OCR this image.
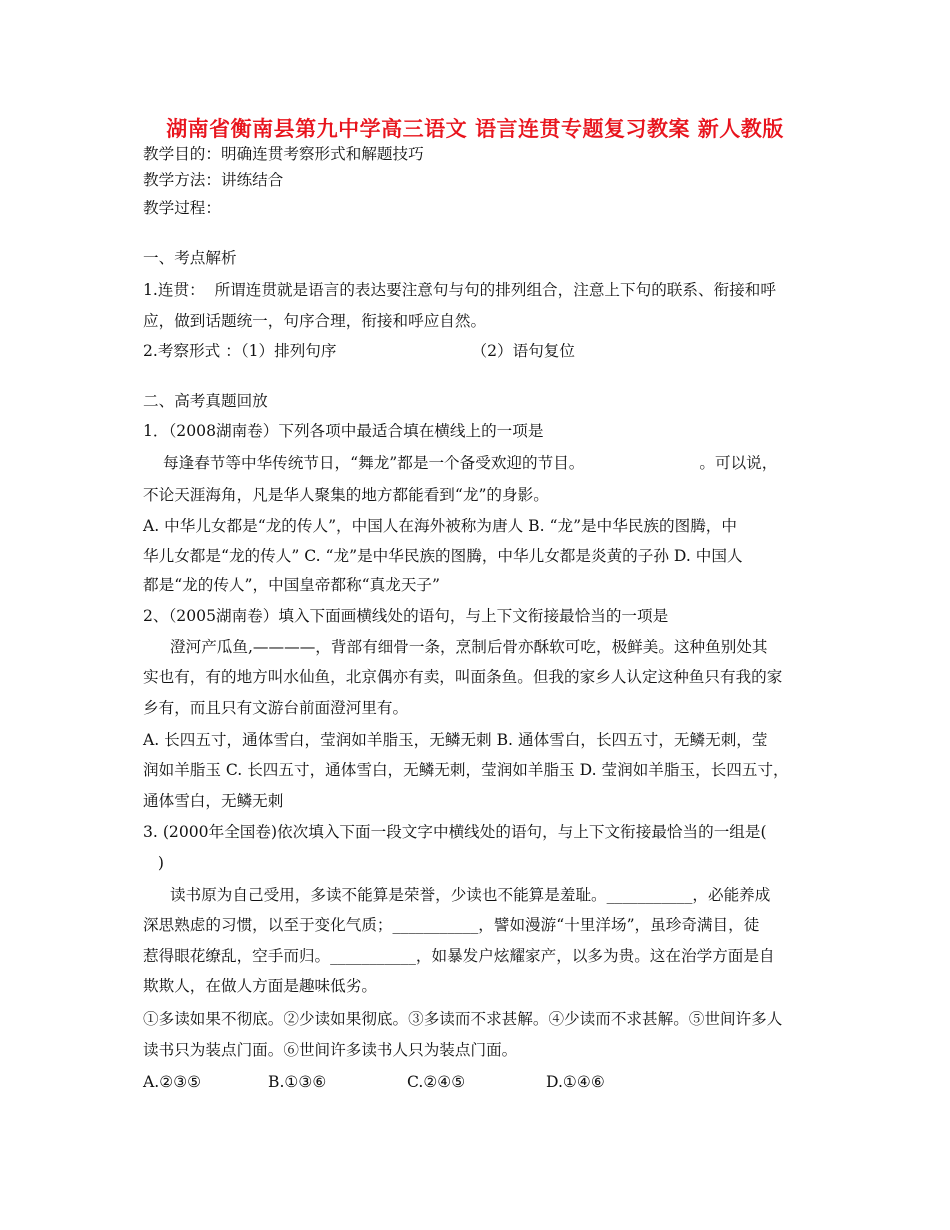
湖南省衡南县第九中学高三语文 语言连贯专题复习教案 新人教版
教学目的：明确连贯考察形式和解题技巧
教学方法：讲练结合
教学过程：
一、考点解析
1.连贯：  所谓连贯就是语言的表达要注意句与句的排列组合，注意上下句的联系、衔接和呼
应，做到话题统一，句序合理，衔接和呼应自然。
2.考察形式 ：（1）排列句序	（2）语句复位
二、高考真题回放
1．（2008湖南卷）下列各项中最适合填在横线上的一项是
每逢春节等中华传统节日，“舞龙”都是一个备受欢迎的节目。	。可以说，
不论天涯海角，凡是华人聚集的地方都能看到“龙”的身影。
A. 中华儿女都是“龙的传人”，中国人在海外被称为唐人 B. “龙”是中华民族的图腾，中
华儿女都是“龙的传人” C. “龙”是中华民族的图腾，中华儿女都是炎黄的子孙 D. 中国人
都是“龙的传人”，中国皇帝都称“真龙天子”
2、（2005湖南卷）填入下面画横线处的语句，与上下文衔接最恰当的一项是
澄河产瓜鱼,————，背部有细骨一条，烹制后骨亦酥软可吃，极鲜美。这种鱼别处其
实也有，有的地方叫水仙鱼，北京偶亦有卖，叫面条鱼。但我的家乡人认定这种鱼只有我的家
乡有，而且只有文游台前面澄河里有。
A. 长四五寸，通体雪白，莹润如羊脂玉，无鳞无刺 B. 通体雪白，长四五寸，无鳞无刺，莹
润如羊脂玉 C. 长四五寸，通体雪白，无鳞无刺，莹润如羊脂玉 D. 莹润如羊脂玉，长四五寸，
通体雪白，无鳞无刺
3. (2000年全国卷)依次填入下面一段文字中横线处的语句，与上下文衔接最恰当的一组是(
)
读书原为自己受用，多读不能算是荣誉，少读也不能算是羞耻。___________，必能养成
深思熟虑的习惯，以至于变化气质；___________，譬如漫游“十里洋场”，虽珍奇满目，徒
惹得眼花缭乱，空手而归。___________，如暴发户炫耀家产，以多为贵。这在治学方面是自
欺欺人，在做人方面是趣味低劣。
①多读如果不彻底。②少读如果彻底。③多读而不求甚解。④少读而不求甚解。⑤世间许多人
读书只为装点门面。⑥世间许多读书人只为装点门面。
A.②③⑤	B.①③⑥	C.②④⑤	D.①④⑥
